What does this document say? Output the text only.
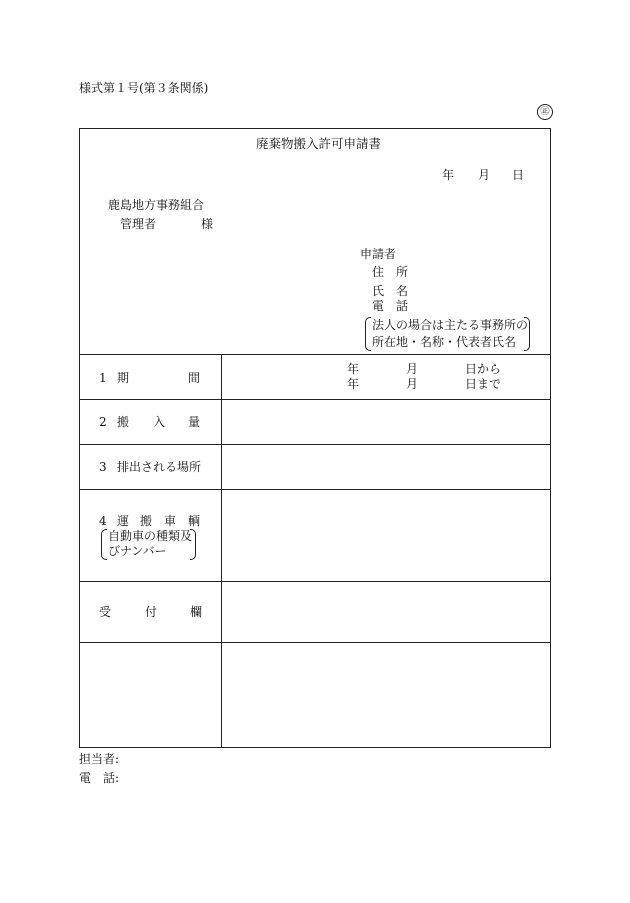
様式第１号(第３条関係)
㊣
廃棄物搬入許可申請書
年 月 日
鹿島地方事務組合
管理者	様
申請者
住　所
氏　名
電　話
法人の場合は主たる事務所の
所在地・名称・代表者氏名
1 期	間
年	月	日から
年	月	日まで
2 搬 入 量
3 排出される場所
4 運 搬 車 輌
自動車の種類及
びナンバー
受	付	欄
担当者:
電　話:
